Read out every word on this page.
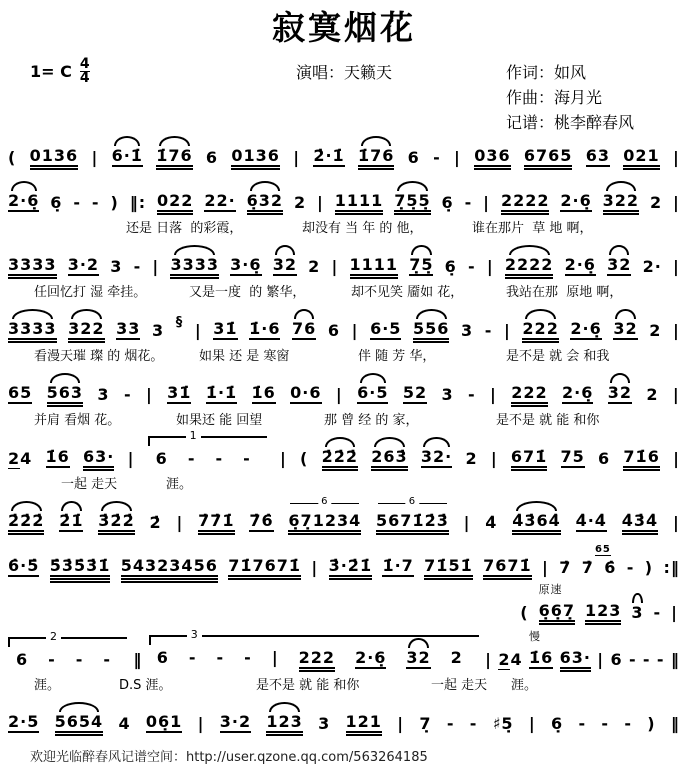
寂寞烟花
1= C 4
4	演唱：天籁天	作词：如风
作曲：海月光
记谱：桃李醉春风
( 0136 | 6·1̇ 1̇76 6 0136 | 2̇·1̇ 1̇76 6 - | 036 6765 63 021 |
2·6̣ 6̣ - - ) ‖: 022 22· 6̣32 2 | 1111 7̣5̣5̣ 6̣ - | 2222 2·6̣ 322 2 |
还是 日落  的彩霞，	却没有 当 年 的 他，	谁在那片  草 地 啊，
3333 3·2 3 - | 3333 3·6̣ 32 2 | 1111 7̣5̣ 6̣ - | 2222 2·6̣ 32 2· |
任回忆打 湿 牵挂。	又是一度  的 繁华，	却不见笑 靥如 花，	我站在那  原地 啊，
3333 322 33 3 § | 31̇ 1̇·6 76 6 | 6·5 556 3 - | 222 2·6̣ 32 2 |
看漫天璀 璨 的 烟花。	如果 还 是 寒窗	伴 随 芳 华，	是不是 就 会 和我
65 563 3 - | 31̇ 1̇·1̇ 1̇6 0·6 | 6·5 52 3 - | 222 2·6̣ 32 2 |
并肩 看烟 花。	如果还 能 回望	那 曾 经 的 家，	是不是 就 能 和你
24 1̇6 63· |
1
6 - - - | ( 2̇2̇2̇ 263̇ 32· 2 | 671̇ 75 6 71̇6 |
一起 走天	涯。
2̇2̇2̇ 2̇1̇ 3̇2̇2̇ 2̇ | 7̇7̇1̇ 7̇6̇ 6̣7̣1234
6
5671̇2̇3̇
6
| 4̇ 4̇3̇64̇ 4̇·4̇ 4̇3̇4̇ |
6̇·5̇ 5̇3̇5̇3̇1̇ 54323456 71̇7671̇ | 3̇·2̇1̇ 1̇·7 71̇51̇ 7671̇ | 7̇ 7̇
65
6̇ - ) :‖
( 6̣6̣7̣
原速
123 3 - |
2
6 - - - ‖
3
6 - - - | 222 2·6̣ 32 2 | 24 1̇6
慢
63· | 6 - - - ‖
涯。	D.S 涯。	是不是 就 能 和你	一起 走天 涯。
2·5 5654 4 06̣1 | 3·2 123 3 121 | 7̣ - - ♯5̣ | 6̣ - - - ) ‖
欢迎光临醉春风记谱空间：http://user.qzone.qq.com/563264185
